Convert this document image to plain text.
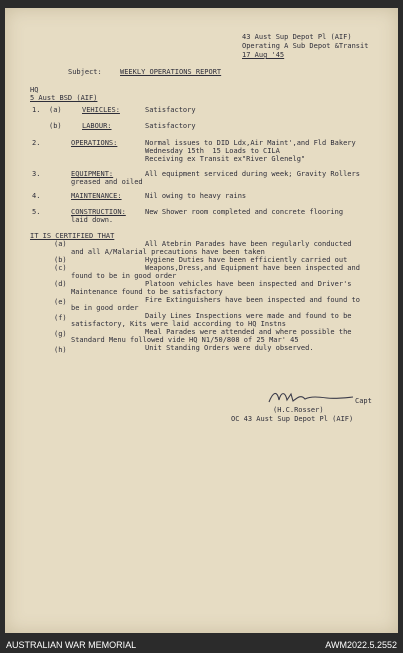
43 Aust Sup Depot Pl (AIF)
Operating A Sub Depot &Transit
17 Aug '45
Subject:	WEEKLY OPERATIONS REPORT
HQ
5 Aust BSD (AIF)
1. (a)	VEHICLES:	Satisfactory
(b)	LABOUR:	Satisfactory
2.	OPERATIONS:	Normal issues to DID Ldx,Air Maint',and Fld Bakery
Wednesday 15th  15 Loads to CILA
Receiving ex Transit ex"River Glenelg"
3.	EQUIPMENT:	All equipment serviced during week; Gravity Rollers
greased and oiled
4.	MAINTENANCE:	Nil owing to heavy rains
5.	CONSTRUCTION:	New Shower room completed and concrete flooring
laid down.
IT IS CERTIFIED THAT
(a)	All Atebrin Parades have been regularly conducted
and all A/Malarial precautions have been taken
(b)	Hygiene Duties have been efficiently carried out
(c)	Weapons,Dress,and Equipment have been inspected and
found to be in good order
(d)	Platoon vehicles have been inspected and Driver's
Maintenance found to be satisfactory
(e)	Fire Extinguishers have been inspected and found to
be in good order
(f)	Daily Lines Inspections were made and found to be
satisfactory, Kits were laid according to HQ Instns
(g)	Meal Parades were attended and where possible the
Standard Menu followed vide HQ N1/50/808 of 25 Mar' 45
(h)	Unit Standing Orders were duly observed.
Capt
(H.C.Rosser)
OC 43 Aust Sup Depot Pl (AIF)
AUSTRALIAN WAR MEMORIAL	AWM2022.5.2552
